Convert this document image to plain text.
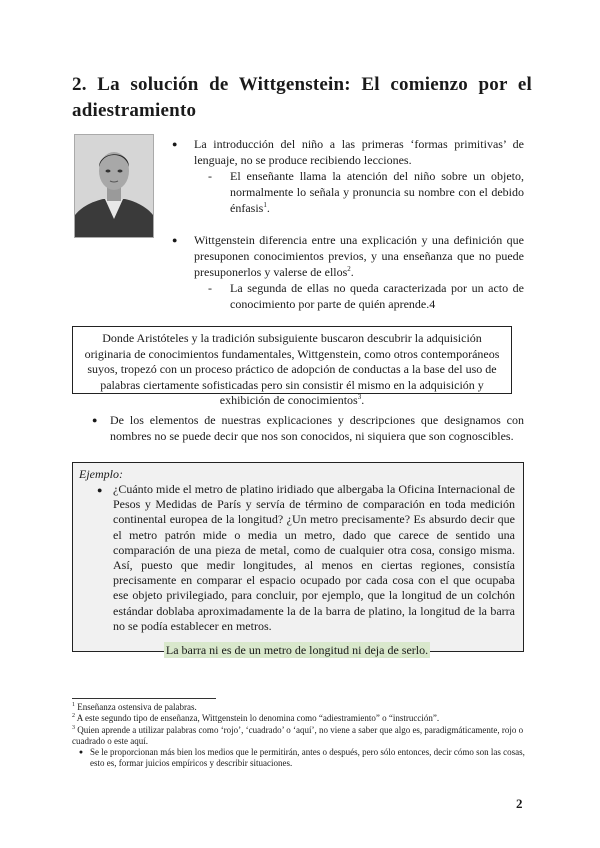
2. La solución de Wittgenstein: El comienzo por el adiestramiento
●	La introducción del niño a las primeras ‘formas primitivas’ de lenguaje, no se produce recibiendo lecciones.
-	El enseñante llama la atención del niño sobre un objeto, normalmente lo señala y pronuncia su nombre con el debido énfasis$^1$.
●	Wittgenstein diferencia entre una explicación y una definición que presuponen conocimientos previos, y una enseñanza que no puede presuponerlos y valerse de ellos$^2$.
-	La segunda de ellas no queda caracterizada por un acto de conocimiento por parte de quién aprende.4
Donde Aristóteles y la tradición subsiguiente buscaron descubrir la adquisición originaria de conocimientos fundamentales, Wittgenstein, como otros contemporáneos suyos, tropezó con un proceso práctico de adopción de conductas a la base del uso de palabras ciertamente sofisticadas pero sin consistir él mismo en la adquisición y exhibición de conocimientos$^3$.
●	De los elementos de nuestras explicaciones y descripciones que designamos con nombres no se puede decir que nos son conocidos, ni siquiera que son cognoscibles.
Ejemplo:
● ¿Cuánto mide el metro de platino iridiado que albergaba la Oficina Internacional de Pesos y Medidas de París y servía de término de comparación en toda medición continental europea de la longitud? ¿Un metro precisamente? Es absurdo decir que el metro patrón mide o media un metro, dado que carece de sentido una comparación de una pieza de metal, como de cualquier otra cosa, consigo misma. Así, puesto que medir longitudes, al menos en ciertas regiones, consistía precisamente en comparar el espacio ocupado por cada cosa con el que ocupaba ese objeto privilegiado, para concluir, por ejemplo, que la longitud de un colchón estándar doblaba aproximadamente la de la barra de platino, la longitud de la barra no se podía establecer en metros.
La barra ni es de un metro de longitud ni deja de serlo.
$^1$ Enseñanza ostensiva de palabras.
$^2$ A este segundo tipo de enseñanza, Wittgenstein lo denomina como “adiestramiento” o “instrucción”.
$^3$ Quien aprende a utilizar palabras como ‘rojo’, ‘cuadrado’ o ‘aquí’, no viene a saber que algo es, paradigmáticamente, rojo o cuadrado o este aquí.
● Se le proporcionan más bien los medios que le permitirán, antes o después, pero sólo entonces, decir cómo son las cosas, esto es, formar juicios empíricos y describir situaciones.
2
